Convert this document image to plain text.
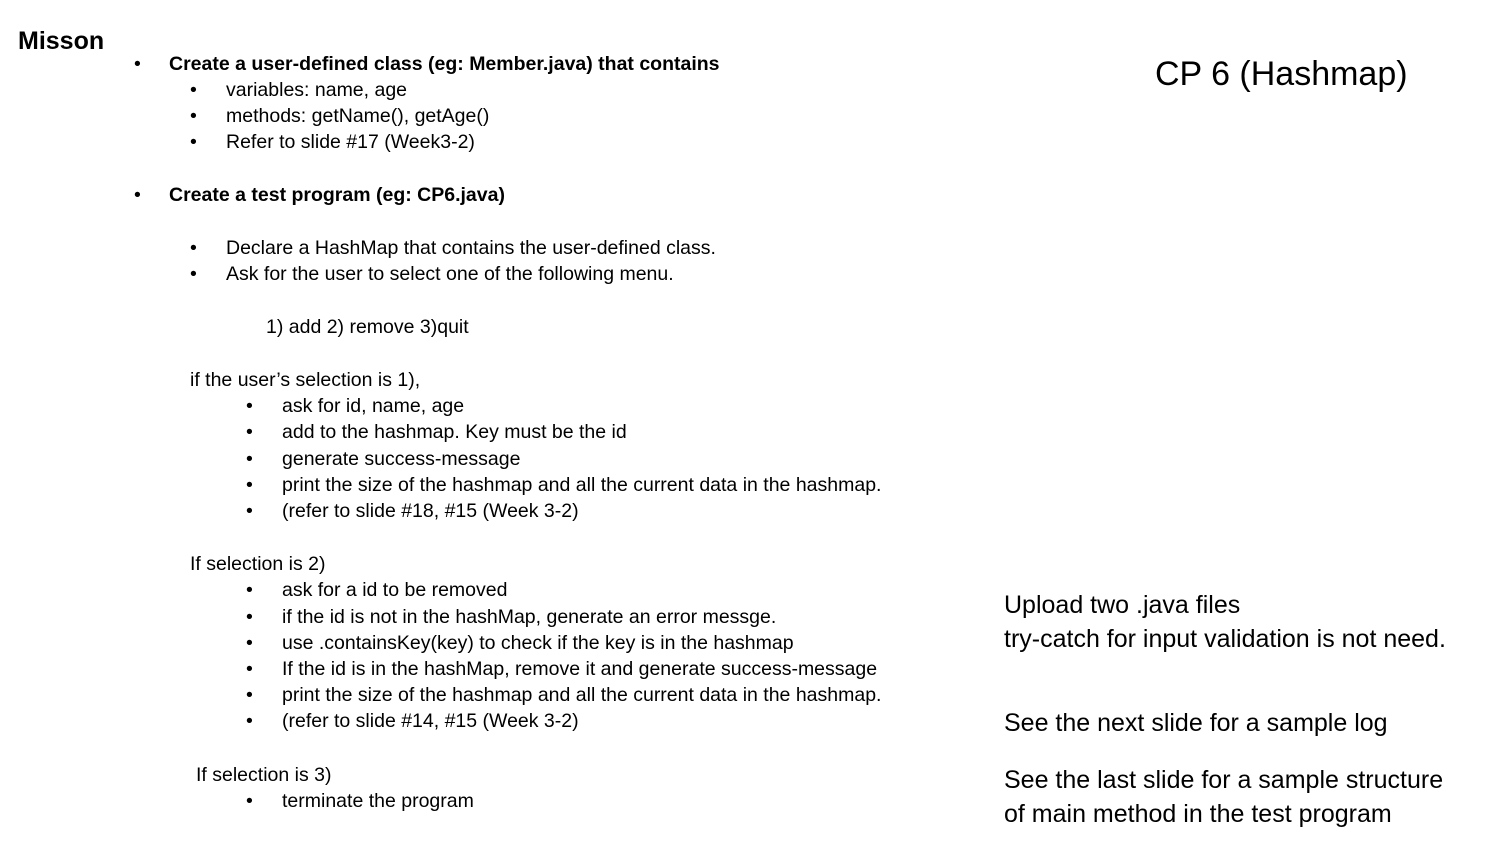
Misson
CP 6 (Hashmap)
• Create a user-defined class (eg: Member.java) that contains
• variables: name, age
• methods: getName(), getAge()
• Refer to slide #17 (Week3-2)
• Create a test program (eg: CP6.java)
• Declare a HashMap that contains the user-defined class.
• Ask for the user to select one of the following menu.
1) add 2) remove 3)quit
if the user’s selection is 1),
• ask for id, name, age
• add to the hashmap. Key must be the id
• generate success-message
• print the size of the hashmap and all the current data in the hashmap.
• (refer to slide #18, #15 (Week 3-2)
If selection is 2)
• ask for a id to be removed
• if the id is not in the hashMap, generate an error messge.
• use .containsKey(key) to check if the key is in the hashmap
• If the id is in the hashMap, remove it and generate success-message
• print the size of the hashmap and all the current data in the hashmap.
• (refer to slide #14, #15 (Week 3-2)
If selection is 3)
• terminate the program
Upload two .java files
try-catch for input validation is not need.
See the next slide for a sample log
See the last slide for a sample structure
of main method in the test program
